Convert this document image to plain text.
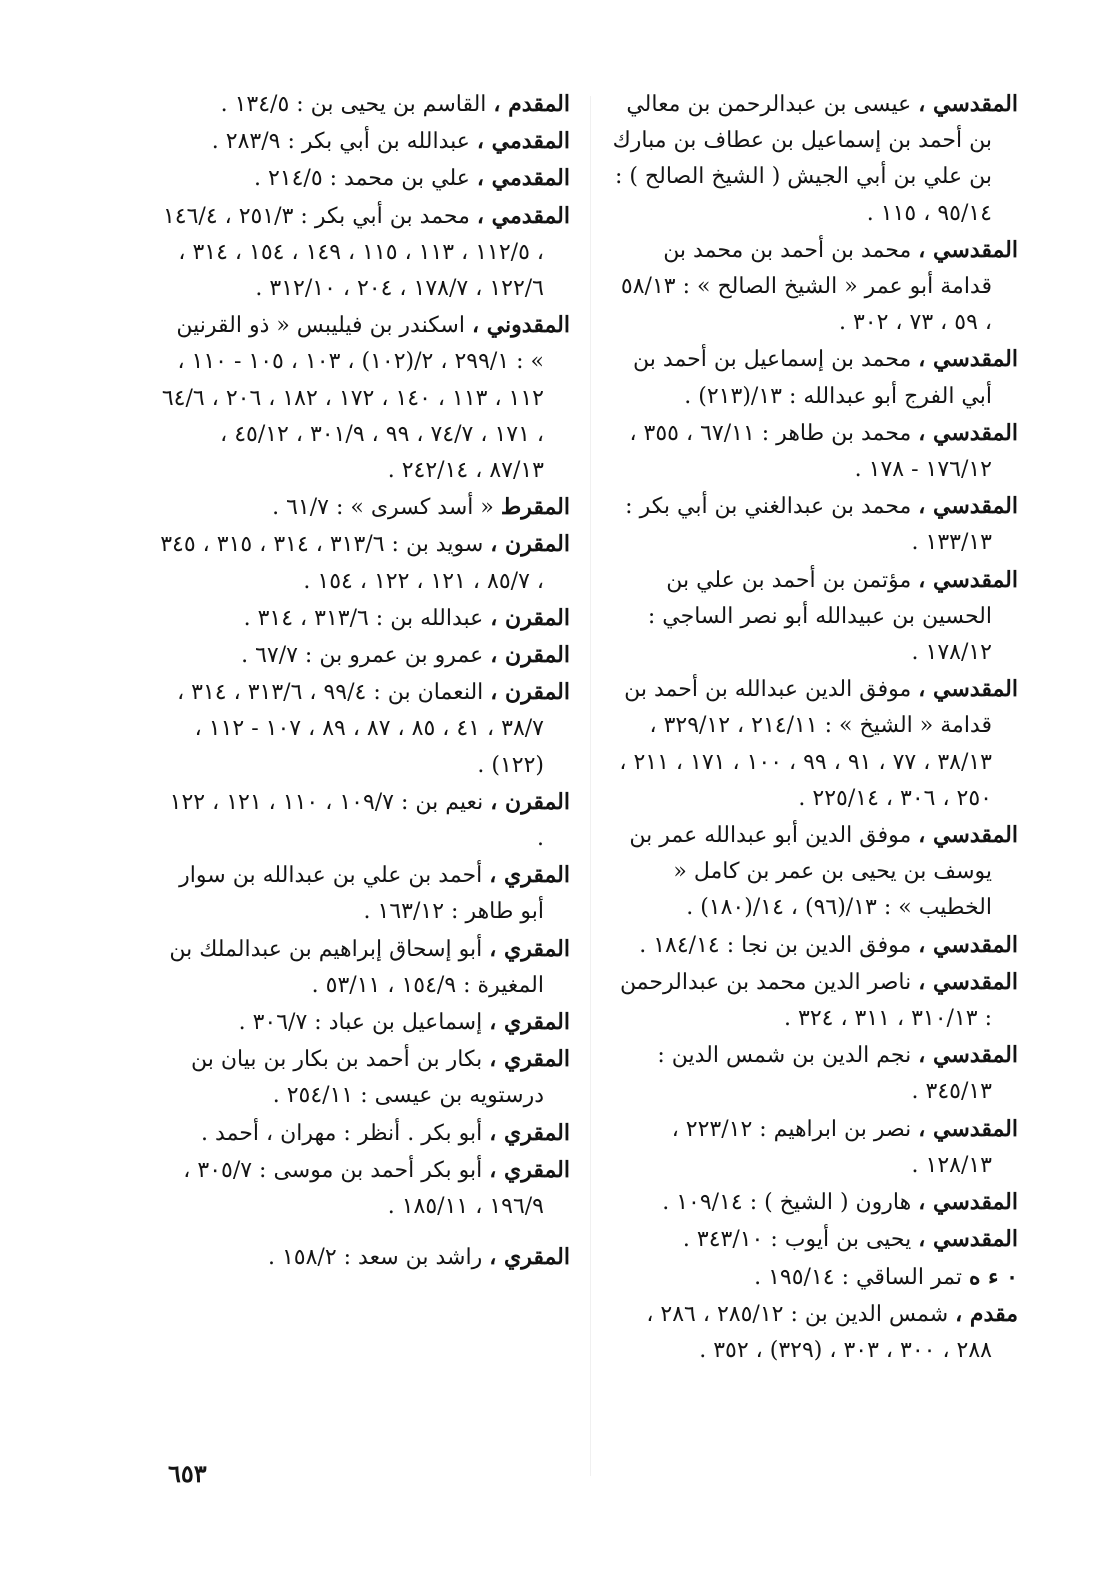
المقدسي ، عيسى بن عبدالرحمن بن معالي بن أحمد بن إسماعيل بن عطاف بن مبارك بن علي بن أبي الجيش ( الشيخ الصالح ) : ٩٥/١٤ ، ١١٥ .

المقدسي ، محمد بن أحمد بن محمد بن قدامة أبو عمر « الشيخ الصالح » : ٥٨/١٣ ، ٥٩ ، ٧٣ ، ٣٠٢ .

المقدسي ، محمد بن إسماعيل بن أحمد بن أبي الفرج أبو عبدالله : ١٣/(٢١٣) .

المقدسي ، محمد بن طاهر : ٦٧/١١ ، ٣٥٥ ، ١٧٦/١٢ - ١٧٨ .

المقدسي ، محمد بن عبدالغني بن أبي بكر : ١٣٣/١٣ .

المقدسي ، مؤتمن بن أحمد بن علي بن الحسين بن عبيدالله أبو نصر الساجي : ١٧٨/١٢ .

المقدسي ، موفق الدين عبدالله بن أحمد بن قدامة « الشيخ » : ٢١٤/١١ ، ٣٢٩/١٢ ، ٣٨/١٣ ، ٧٧ ، ٩١ ، ٩٩ ، ١٠٠ ، ١٧١ ، ٢١١ ، ٢٥٠ ، ٣٠٦ ، ٢٢٥/١٤ .

المقدسي ، موفق الدين أبو عبدالله عمر بن يوسف بن يحيى بن عمر بن كامل « الخطيب » : ١٣/(٩٦) ، ١٤/(١٨٠) .

المقدسي ، موفق الدين بن نجا : ١٨٤/١٤ .

المقدسي ، ناصر الدين محمد بن عبدالرحمن : ٣١٠/١٣ ، ٣١١ ، ٣٢٤ .

المقدسي ، نجم الدين بن شمس الدين : ٣٤٥/١٣ .

المقدسي ، نصر بن ابراهيم : ٢٢٣/١٢ ، ١٢٨/١٣ .

المقدسي ، هارون ( الشيخ ) : ١٠٩/١٤ .

المقدسي ، يحيى بن أيوب : ٣٤٣/١٠ .

٠ ء ه تمر الساقي : ١٩٥/١٤ .

مقدم ، شمس الدين بن : ٢٨٥/١٢ ، ٢٨٦ ، ٢٨٨ ، ٣٠٠ ، ٣٠٣ ، (٣٢٩) ، ٣٥٢ .

المقدم ، القاسم بن يحيى بن : ١٣٤/٥ .

المقدمي ، عبدالله بن أبي بكر : ٢٨٣/٩ .

المقدمي ، علي بن محمد : ٢١٤/٥ .

المقدمي ، محمد بن أبي بكر : ٢٥١/٣ ، ١٤٦/٤ ، ١١٢/٥ ، ١١٣ ، ١١٥ ، ١٤٩ ، ١٥٤ ، ٣١٤ ، ١٢٢/٦ ، ١٧٨/٧ ، ٢٠٤ ، ٣١٢/١٠ .

المقدوني ، اسكندر بن فيليبس « ذو القرنين » : ٢٩٩/١ ، ٢/(١٠٢) ، ١٠٣ ، ١٠٥ - ١١٠ ، ١١٢ ، ١١٣ ، ١٤٠ ، ١٧٢ ، ١٨٢ ، ٢٠٦ ، ٦٤/٦ ، ١٧١ ، ٧٤/٧ ، ٩٩ ، ٣٠١/٩ ، ٤٥/١٢ ، ٨٧/١٣ ، ٢٤٢/١٤ .

المقرط « أسد كسرى » : ٦١/٧ .

المقرن ، سويد بن : ٣١٣/٦ ، ٣١٤ ، ٣١٥ ، ٣٤٥ ، ٨٥/٧ ، ١٢١ ، ١٢٢ ، ١٥٤ .

المقرن ، عبدالله بن : ٣١٣/٦ ، ٣١٤ .

المقرن ، عمرو بن عمرو بن : ٦٧/٧ .

المقرن ، النعمان بن : ٩٩/٤ ، ٣١٣/٦ ، ٣١٤ ، ٣٨/٧ ، ٤١ ، ٨٥ ، ٨٧ ، ٨٩ ، ١٠٧ - ١١٢ ، (١٢٢) .

المقرن ، نعيم بن : ١٠٩/٧ ، ١١٠ ، ١٢١ ، ١٢٢ .

المقري ، أحمد بن علي بن عبدالله بن سوار أبو طاهر : ١٦٣/١٢ .

المقري ، أبو إسحاق إبراهيم بن عبدالملك بن المغيرة : ١٥٤/٩ ، ٥٣/١١ .

المقري ، إسماعيل بن عباد : ٣٠٦/٧ .

المقري ، بكار بن أحمد بن بكار بن بيان بن درستويه بن عيسى : ٢٥٤/١١ .

المقري ، أبو بكر . أنظر : مهران ، أحمد .

المقري ، أبو بكر أحمد بن موسى : ٣٠٥/٧ ، ١٩٦/٩ ، ١٨٥/١١ .

المقري ، راشد بن سعد : ١٥٨/٢ .

٦٥٣
